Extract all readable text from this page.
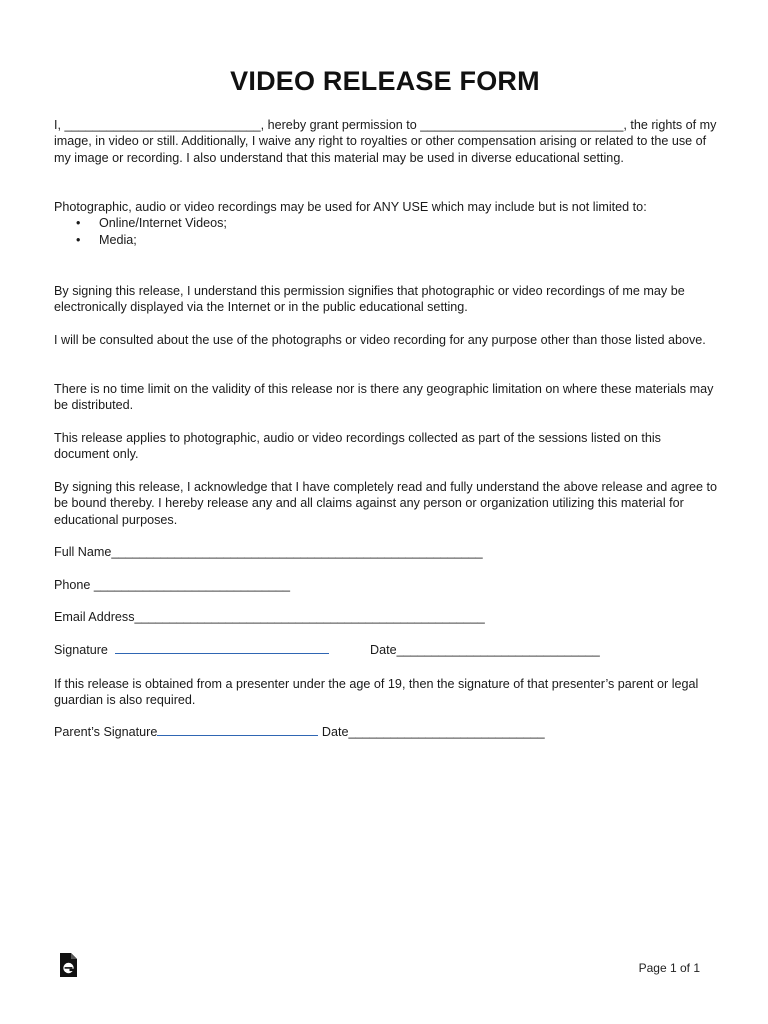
VIDEO RELEASE FORM
I, ____________________________, hereby grant permission to _____________________________, the rights of my image, in video or still. Additionally, I waive any right to royalties or other compensation arising or related to the use of my image or recording. I also understand that this material may be used in diverse educational setting.
Photographic, audio or video recordings may be used for ANY USE which may include but is not limited to:
• Online/Internet Videos;
• Media;
By signing this release, I understand this permission signifies that photographic or video recordings of me may be electronically displayed via the Internet or in the public educational setting.
I will be consulted about the use of the photographs or video recording for any purpose other than those listed above.
There is no time limit on the validity of this release nor is there any geographic limitation on where these materials may be distributed.
This release applies to photographic, audio or video recordings collected as part of the sessions listed on this document only.
By signing this release, I acknowledge that I have completely read and fully understand the above release and agree to be bound thereby. I hereby release any and all claims against any person or organization utilizing this material for educational purposes.
Full Name_____________________________________________________
Phone ____________________________
Email Address__________________________________________________
Signature	Date_____________________________
If this release is obtained from a presenter under the age of 19, then the signature of that presenter’s parent or legal guardian is also required.
Parent’s Signature	Date____________________________
Page 1 of 1
